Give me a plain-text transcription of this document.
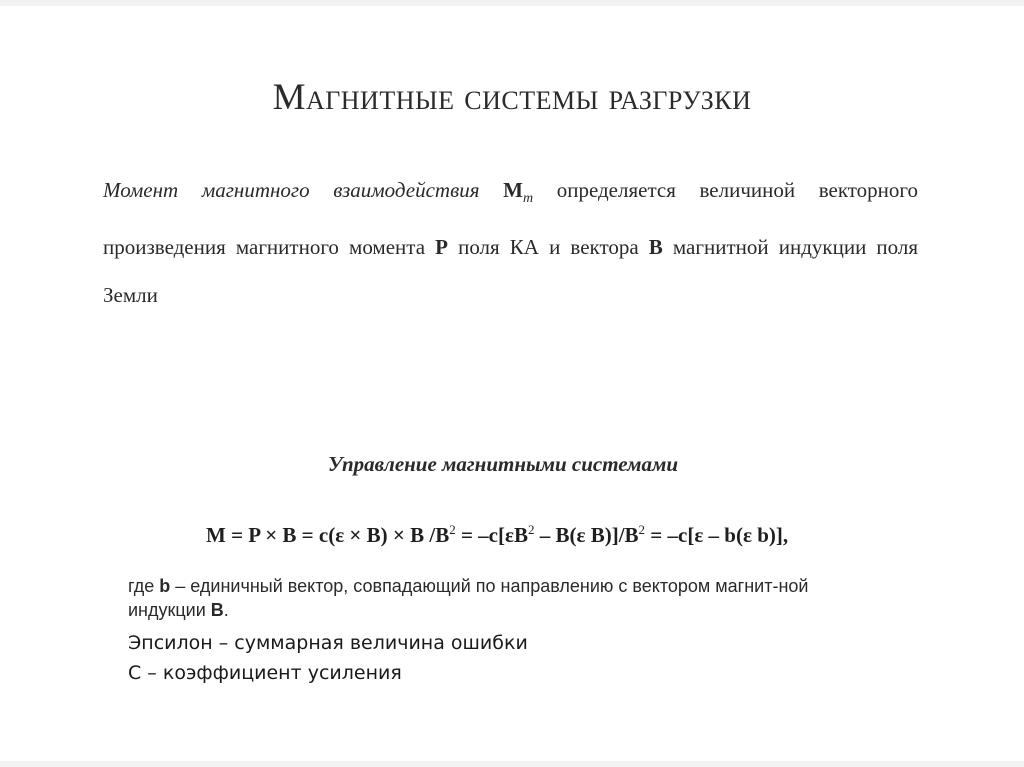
Магнитные системы разгрузки
Момент магнитного взаимодействия $M_m$ определяется величиной векторного произведения магнитного момента P поля КА и вектора B магнитной индукции поля Земли
Управление магнитными системами
M = P × B = c(ε × B) × B $/B^2 = -c[\varepsilon B^2 - B(\varepsilon$ $B)]/B^2 = -c[\varepsilon - b(\varepsilon$ b)],
где b – единичный вектор, совпадающий по направлению с вектором магнит-ной индукции B.
Эпсилон – суммарная величина ошибки
С – коэффициент усиления
